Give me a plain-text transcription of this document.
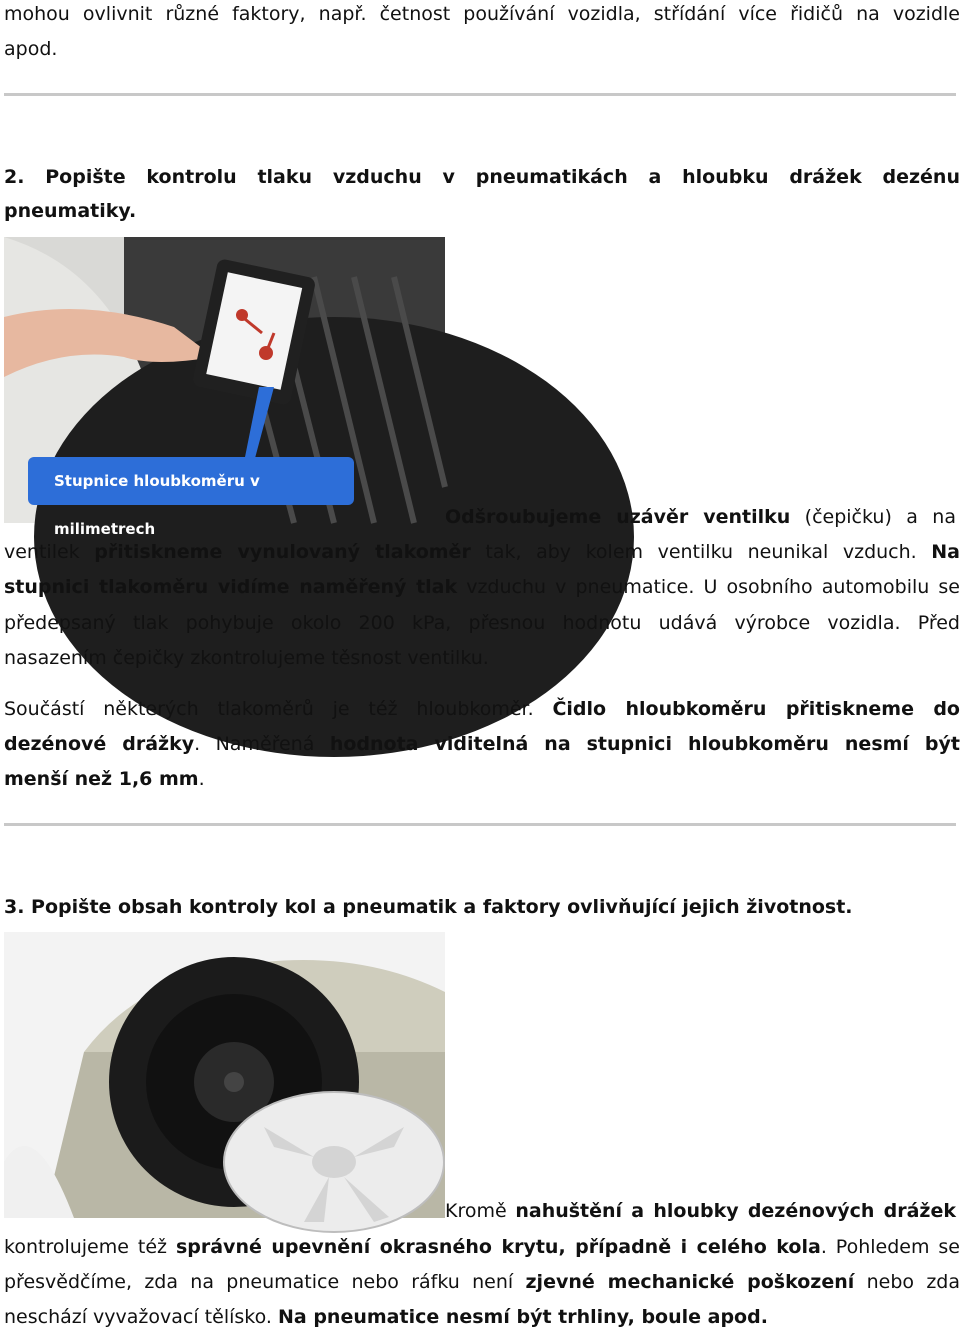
mohou ovlivnit různé faktory, např. četnost používání vozidla, střídání více řidičů na vozidle
apod.
2. Popište kontrolu tlaku vzduchu v pneumatikách a hloubku drážek dezénu
pneumatiky.
Stupnice hloubkoměru v milimetrech
Odšroubujeme uzávěr ventilku (čepičku) a na
ventilek přitiskneme vynulovaný tlakoměr tak, aby kolem ventilku neunikal vzduch. Na
stupnici tlakoměru vidíme naměřený tlak vzduchu v pneumatice. U osobního automobilu se
předepsaný tlak pohybuje okolo 200 kPa, přesnou hodnotu udává výrobce vozidla. Před
nasazením čepičky zkontrolujeme těsnost ventilku.
Součástí některých tlakoměrů je též hloubkoměr. Čidlo hloubkoměru přitiskneme do
dezénové drážky. Naměřená hodnota viditelná na stupnici hloubkoměru nesmí být
menší než 1,6 mm.
3. Popište obsah kontroly kol a pneumatik a faktory ovlivňující jejich životnost.
Kromě nahuštění a hloubky dezénových drážek
kontrolujeme též správné upevnění okrasného krytu, případně i celého kola. Pohledem se
přesvědčíme, zda na pneumatice nebo ráfku není zjevné mechanické poškození nebo zda
neschází vyvažovací tělísko. Na pneumatice nesmí být trhliny, boule apod.
